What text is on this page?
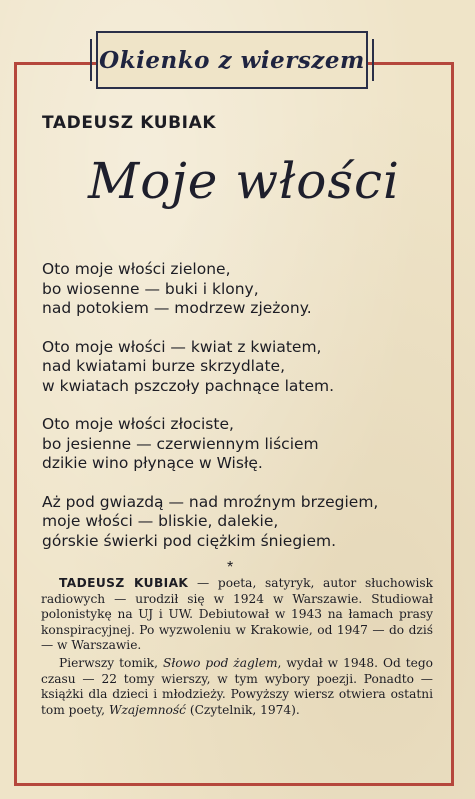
Okienko z wierszem
TADEUSZ KUBIAK
Moje włości
Oto moje włości zielone,
bo wiosenne — buki i klony,
nad potokiem — modrzew zjeżony.
Oto moje włości — kwiat z kwiatem,
nad kwiatami burze skrzydlate,
w kwiatach pszczoły pachnące latem.
Oto moje włości złociste,
bo jesienne — czerwiennym liściem
dzikie wino płynące w Wisłę.
Aż pod gwiazdą — nad mroźnym brzegiem,
moje włości — bliskie, dalekie,
górskie świerki pod ciężkim śniegiem.
*

TADEUSZ KUBIAK — poeta, satyryk, autor słuchowisk radiowych — urodził się w 1924 w Warszawie. Studiował polonistykę na UJ i UW. Debiutował w 1943 na łamach prasy konspiracyjnej. Po wyzwoleniu w Krakowie, od 1947 — do dziś — w Warszawie.

Pierwszy tomik, Słowo pod żaglem, wydał w 1948. Od tego czasu — 22 tomy wierszy, w tym wybory poezji. Ponadto — książki dla dzieci i młodzieży. Powyższy wiersz otwiera ostatni tom poety, Wzajemność (Czytelnik, 1974).
